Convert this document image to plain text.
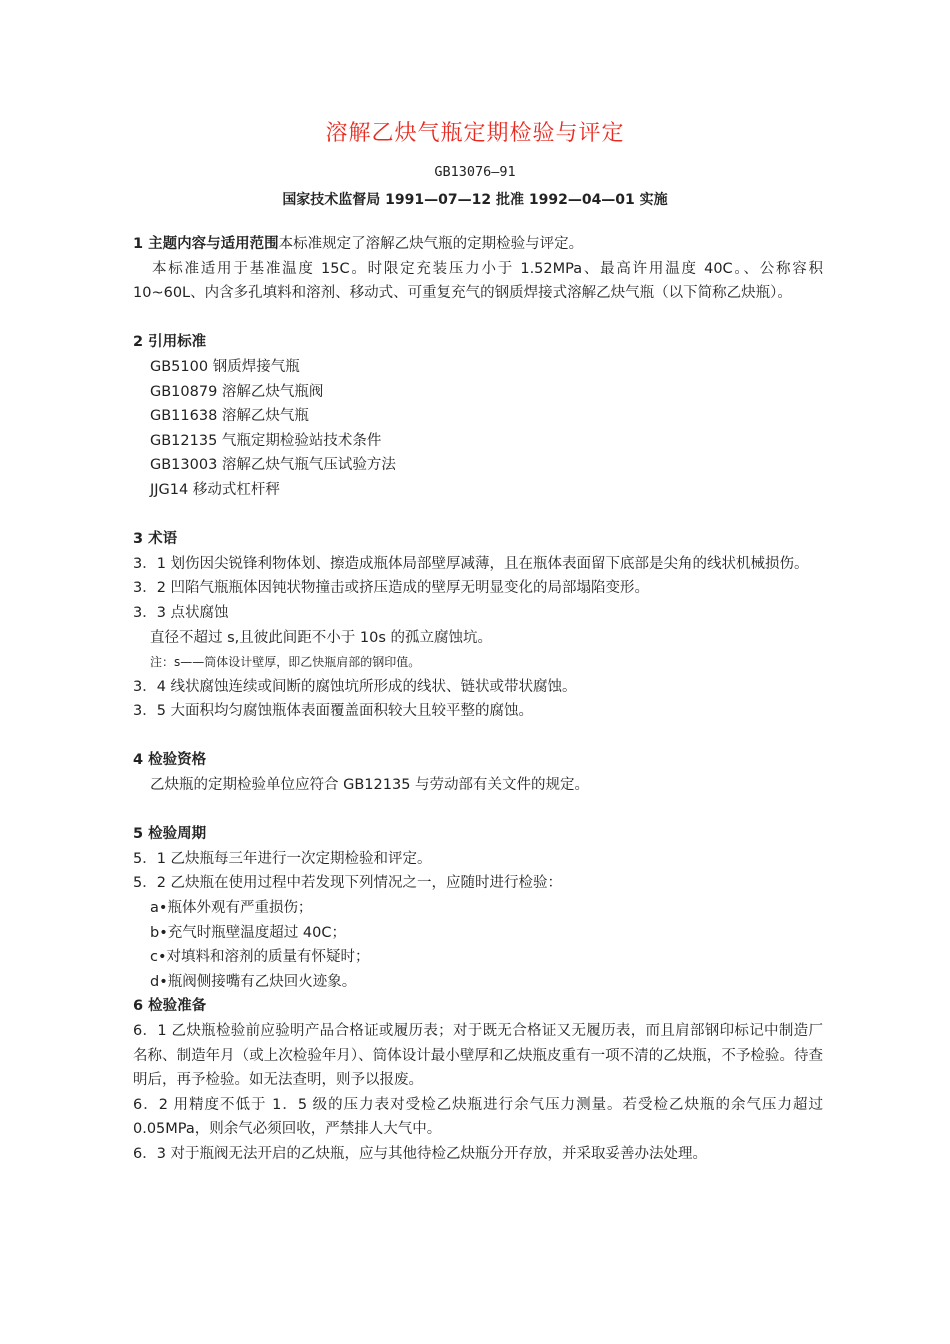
溶解乙炔气瓶定期检验与评定
GB13076—91
国家技术监督局 1991—07—12 批准 1992—04—01 实施
1 主题内容与适用范围本标准规定了溶解乙炔气瓶的定期检验与评定。
本标准适用于基准温度 15C。时限定充装压力小于 1.52MPa、最高许用温度 40C。、公称容积 10~60L、内含多孔填料和溶剂、移动式、可重复充气的钢质焊接式溶解乙炔气瓶（以下简称乙炔瓶）。
2 引用标准
GB5100 钢质焊接气瓶
GB10879 溶解乙炔气瓶阀
GB11638 溶解乙炔气瓶
GB12135 气瓶定期检验站技术条件
GB13003 溶解乙炔气瓶气压试验方法
JJG14 移动式杠杆秤
3 术语
3．1 划伤因尖锐锋利物体划、擦造成瓶体局部壁厚减薄，且在瓶体表面留下底部是尖角的线状机械损伤。
3．2 凹陷气瓶瓶体因钝状物撞击或挤压造成的壁厚无明显变化的局部塌陷变形。
3．3 点状腐蚀
直径不超过 s,且彼此间距不小于 10s 的孤立腐蚀坑。
注：s——筒体设计壁厚，即乙快瓶肩部的钢印值。
3．4 线状腐蚀连续或间断的腐蚀坑所形成的线状、链状或带状腐蚀。
3．5 大面积均匀腐蚀瓶体表面覆盖面积较大且较平整的腐蚀。
4 检验资格
乙炔瓶的定期检验单位应符合 GB12135 与劳动部有关文件的规定。
5 检验周期
5．1 乙炔瓶每三年进行一次定期检验和评定。
5．2 乙炔瓶在使用过程中若发现下列情况之一，应随时进行检验：
a•瓶体外观有严重损伤；
b•充气时瓶壁温度超过 40C；
c•对填料和溶剂的质量有怀疑时；
d•瓶阀侧接嘴有乙炔回火迹象。
6 检验准备
6．1 乙炔瓶检验前应验明产品合格证或履历表；对于既无合格证又无履历表，而且肩部钢印标记中制造厂名称、制造年月（或上次检验年月）、筒体设计最小壁厚和乙炔瓶皮重有一项不清的乙炔瓶，不予检验。待查明后，再予检验。如无法查明，则予以报废。
6．2 用精度不低于 1．5 级的压力表对受检乙炔瓶进行余气压力测量。若受检乙炔瓶的余气压力超过 0.05MPa，则余气必须回收，严禁排人大气中。
6．3 对于瓶阀无法开启的乙炔瓶，应与其他待检乙炔瓶分开存放，并采取妥善办法处理。
